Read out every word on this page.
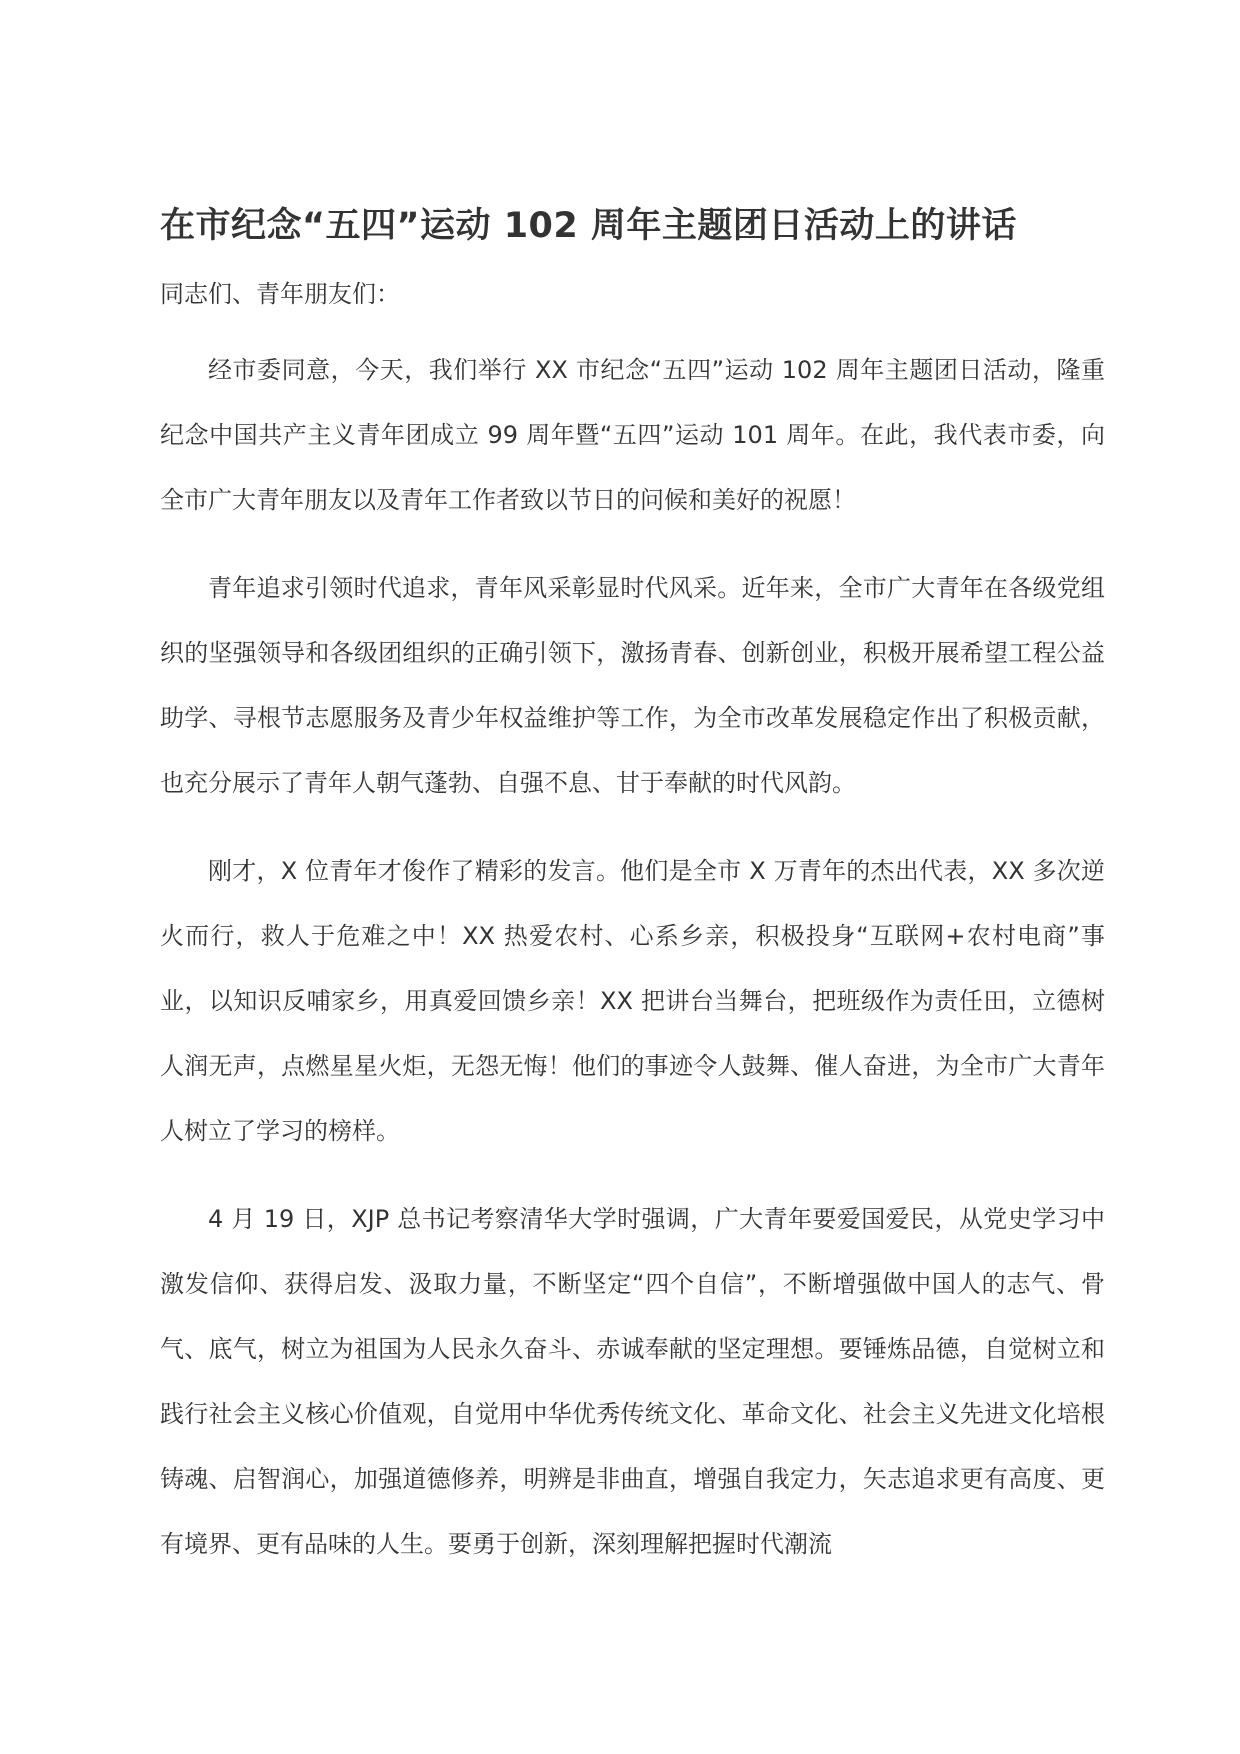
在市纪念“五四”运动 102 周年主题团日活动上的讲话

同志们、青年朋友们：

经市委同意，今天，我们举行 XX 市纪念“五四”运动 102 周年主题团日活动，隆重纪念中国共产主义青年团成立 99 周年暨“五四”运动 101 周年。在此，我代表市委，向全市广大青年朋友以及青年工作者致以节日的问候和美好的祝愿！

青年追求引领时代追求，青年风采彰显时代风采。近年来，全市广大青年在各级党组织的坚强领导和各级团组织的正确引领下，激扬青春、创新创业，积极开展希望工程公益助学、寻根节志愿服务及青少年权益维护等工作，为全市改革发展稳定作出了积极贡献，也充分展示了青年人朝气蓬勃、自强不息、甘于奉献的时代风韵。

刚才，X 位青年才俊作了精彩的发言。他们是全市 X 万青年的杰出代表，XX 多次逆火而行，救人于危难之中！XX 热爱农村、心系乡亲，积极投身“互联网+农村电商”事业，以知识反哺家乡，用真爱回馈乡亲！XX 把讲台当舞台，把班级作为责任田，立德树人润无声，点燃星星火炬，无怨无悔！他们的事迹令人鼓舞、催人奋进，为全市广大青年人树立了学习的榜样。

4 月 19 日，XJP 总书记考察清华大学时强调，广大青年要爱国爱民，从党史学习中激发信仰、获得启发、汲取力量，不断坚定“四个自信”，不断增强做中国人的志气、骨气、底气，树立为祖国为人民永久奋斗、赤诚奉献的坚定理想。要锤炼品德，自觉树立和践行社会主义核心价值观，自觉用中华优秀传统文化、革命文化、社会主义先进文化培根铸魂、启智润心，加强道德修养，明辨是非曲直，增强自我定力，矢志追求更有高度、更有境界、更有品味的人生。要勇于创新，深刻理解把握时代潮流
